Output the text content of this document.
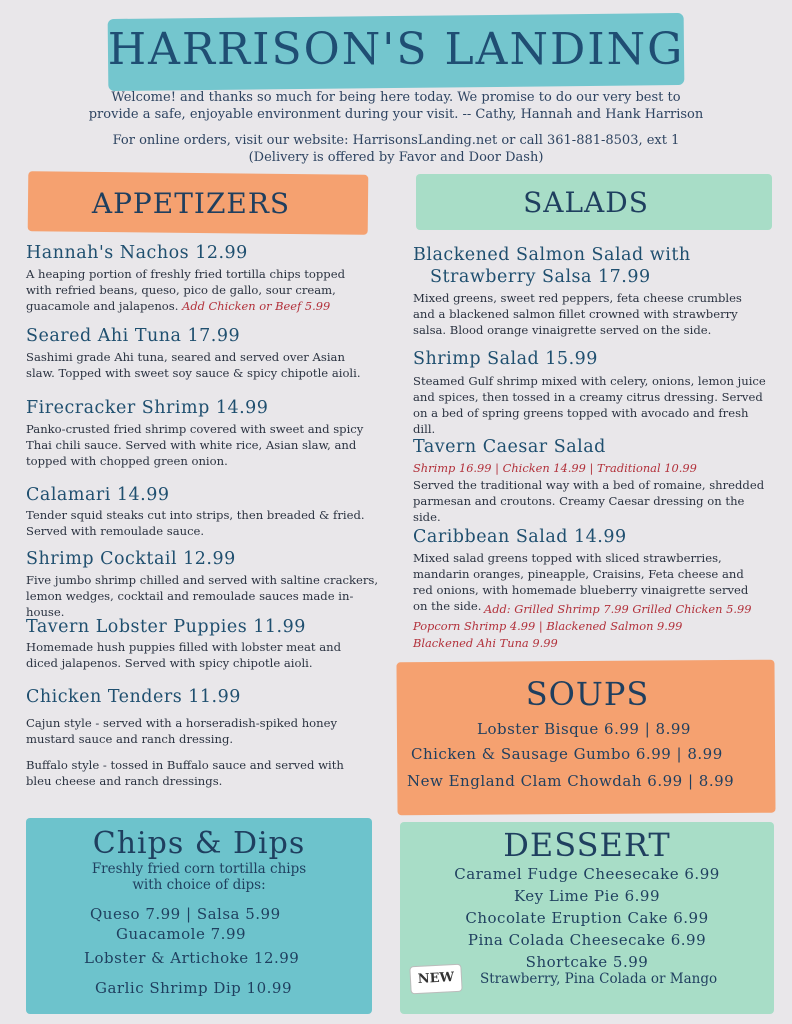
HARRISON'S LANDING
Welcome! and thanks so much for being here today. We promise to do our very best to
provide a safe, enjoyable environment during your visit. -- Cathy, Hannah and Hank Harrison
For online orders, visit our website: HarrisonsLanding.net or call 361-881-8503, ext 1
(Delivery is offered by Favor and Door Dash)
APPETIZERS	SALADS
Hannah's Nachos 12.99
A heaping portion of freshly fried tortilla chips topped with refried beans, queso, pico de gallo, sour cream, guacamole and jalapenos. Add Chicken or Beef 5.99
Seared Ahi Tuna 17.99
Sashimi grade Ahi tuna, seared and served over Asian slaw. Topped with sweet soy sauce & spicy chipotle aioli.
Firecracker Shrimp 14.99
Panko-crusted fried shrimp covered with sweet and spicy Thai chili sauce. Served with white rice, Asian slaw, and topped with chopped green onion.
Calamari 14.99
Tender squid steaks cut into strips, then breaded & fried. Served with remoulade sauce.
Shrimp Cocktail 12.99
Five jumbo shrimp chilled and served with saltine crackers, lemon wedges, cocktail and remoulade sauces made in-house.
Tavern Lobster Puppies 11.99
Homemade hush puppies filled with lobster meat and diced jalapenos. Served with spicy chipotle aioli.
Chicken Tenders 11.99
Cajun style - served with a horseradish-spiked honey mustard sauce and ranch dressing.
Buffalo style - tossed in Buffalo sauce and served with bleu cheese and ranch dressings.
Blackened Salmon Salad with
Strawberry Salsa 17.99
Mixed greens, sweet red peppers, feta cheese crumbles and a blackened salmon fillet crowned with strawberry salsa. Blood orange vinaigrette served on the side.
Shrimp Salad 15.99
Steamed Gulf shrimp mixed with celery, onions, lemon juice and spices, then tossed in a creamy citrus dressing. Served on a bed of spring greens topped with avocado and fresh dill.
Tavern Caesar Salad
Shrimp 16.99 | Chicken 14.99 | Traditional 10.99
Served the traditional way with a bed of romaine, shredded parmesan and croutons. Creamy Caesar dressing on the side.
Caribbean Salad 14.99
Mixed salad greens topped with sliced strawberries, mandarin oranges, pineapple, Craisins, Feta cheese and red onions, with homemade blueberry vinaigrette served on the side. Add: Grilled Shrimp 7.99 Grilled Chicken 5.99
Popcorn Shrimp 4.99 | Blackened Salmon 9.99
Blackened Ahi Tuna 9.99
SOUPS
Lobster Bisque 6.99 | 8.99
Chicken & Sausage Gumbo 6.99 | 8.99
New England Clam Chowdah 6.99 | 8.99
Chips & Dips
Freshly fried corn tortilla chips
with choice of dips:
Queso 7.99 | Salsa 5.99
Guacamole 7.99
Lobster & Artichoke 12.99
Garlic Shrimp Dip 10.99
DESSERT
Caramel Fudge Cheesecake 6.99
Key Lime Pie 6.99
Chocolate Eruption Cake 6.99
Pina Colada Cheesecake 6.99
Shortcake 5.99
NEW	Strawberry, Pina Colada or Mango
